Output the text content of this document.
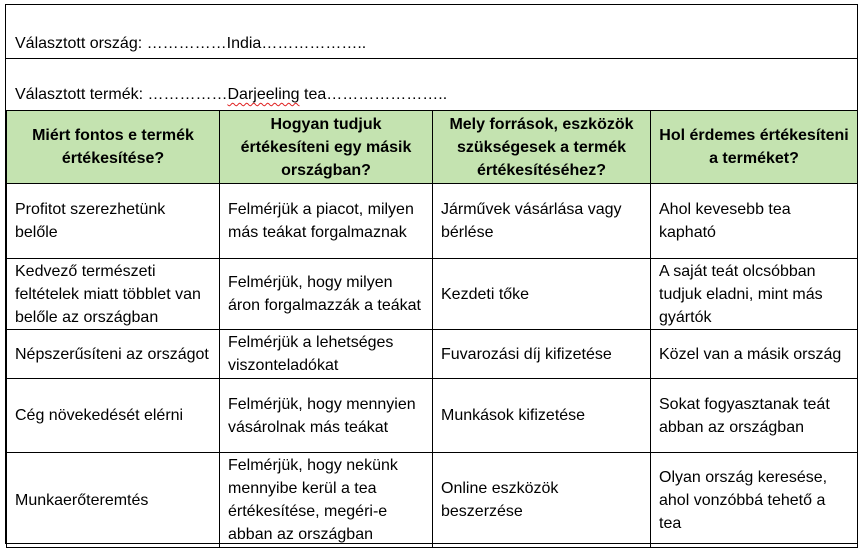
Választott ország: ……………India………………..
Választott termék: ……………Darjeeling tea…………………..
Miért fontos e termék értékesítése?	Hogyan tudjuk értékesíteni egy másik országban?	Mely források, eszközök szükségesek a termék értékesítéséhez?	Hol érdemes értékesíteni a terméket?
Profitot szerezhetünk belőle	Felmérjük a piacot, milyen más teákat forgalmaznak	Járművek vásárlása vagy bérlése	Ahol kevesebb tea kapható
Kedvező természeti feltételek miatt többlet van belőle az országban	Felmérjük, hogy milyen áron forgalmazzák a teákat	Kezdeti tőke	A saját teát olcsóbban tudjuk eladni, mint más gyártók
Népszerűsíteni az országot	Felmérjük a lehetséges viszonteladókat	Fuvarozási díj kifizetése	Közel van a másik ország
Cég növekedését elérni	Felmérjük, hogy mennyien vásárolnak más teákat	Munkások kifizetése	Sokat fogyasztanak teát abban az országban
Munkaerőteremtés	Felmérjük, hogy nekünk mennyibe kerül a tea értékesítése, megéri-e abban az országban	Online eszközök beszerzése	Olyan ország keresése, ahol vonzóbbá tehető a tea
